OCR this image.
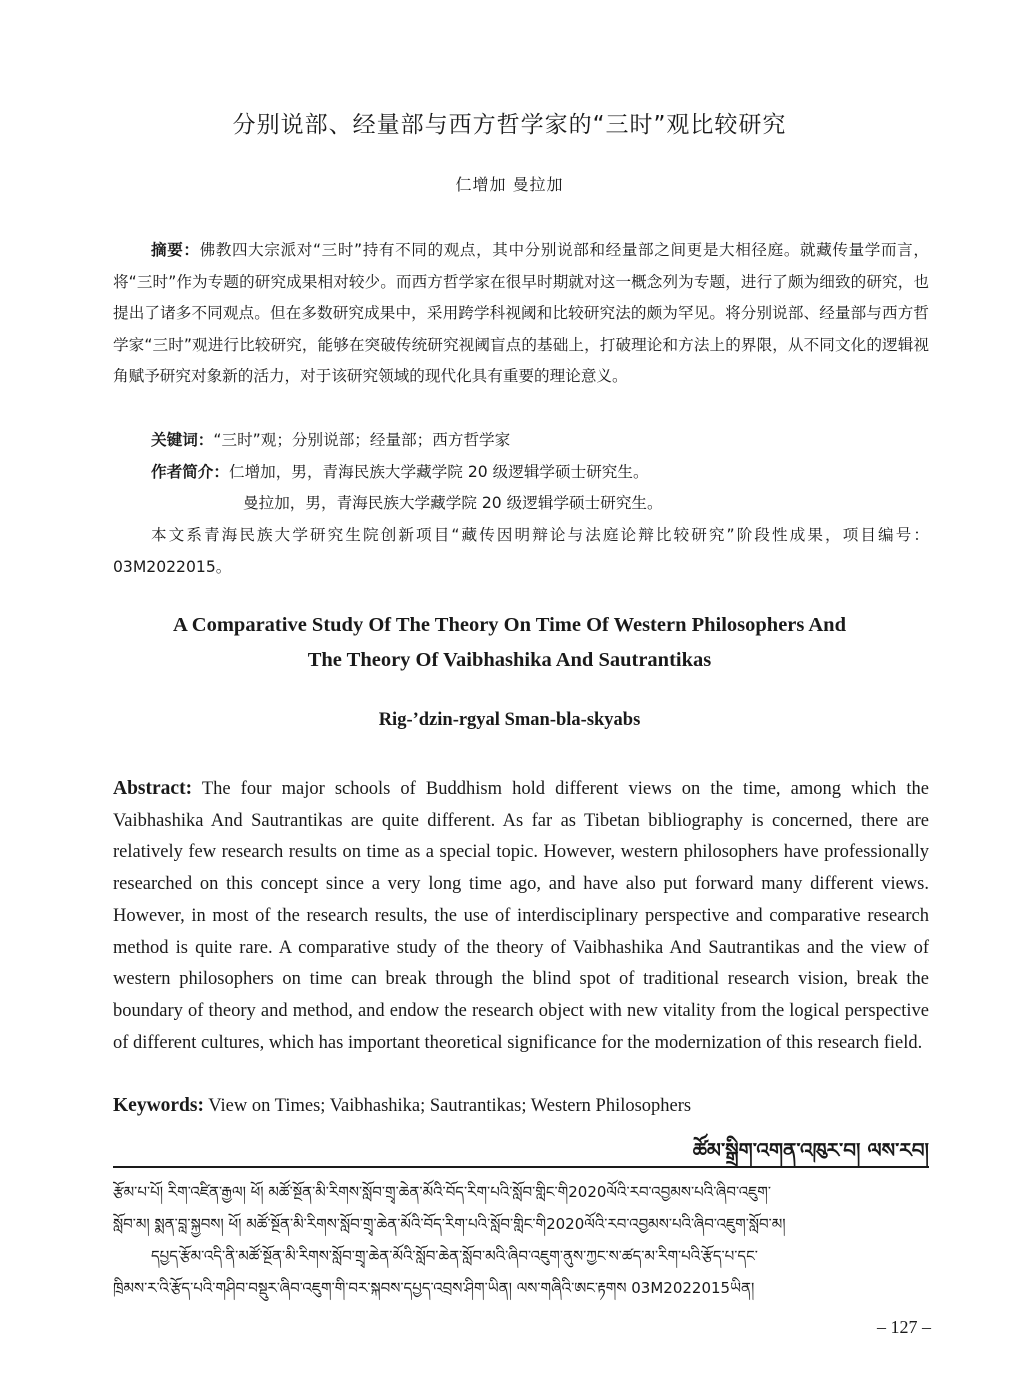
分别说部、经量部与西方哲学家的“三时”观比较研究
仁增加 曼拉加
摘要：佛教四大宗派对“三时”持有不同的观点，其中分别说部和经量部之间更是大相径庭。就藏传量学而言，将“三时”作为专题的研究成果相对较少。而西方哲学家在很早时期就对这一概念列为专题，进行了颇为细致的研究，也提出了诸多不同观点。但在多数研究成果中，采用跨学科视阈和比较研究法的颇为罕见。将分别说部、经量部与西方哲学家“三时”观进行比较研究，能够在突破传统研究视阈盲点的基础上，打破理论和方法上的界限，从不同文化的逻辑视角赋予研究对象新的活力，对于该研究领域的现代化具有重要的理论意义。
关键词：“三时”观；分别说部；经量部；西方哲学家
作者简介：仁增加，男，青海民族大学藏学院 20 级逻辑学硕士研究生。
曼拉加，男，青海民族大学藏学院 20 级逻辑学硕士研究生。
本文系青海民族大学研究生院创新项目“藏传因明辩论与法庭论辩比较研究”阶段性成果，项目编号：03M2022015。
A Comparative Study Of The Theory On Time Of Western Philosophers And
The Theory Of Vaibhashika And Sautrantikas
Rig-’dzin-rgyal Sman-bla-skyabs
Abstract: The four major schools of Buddhism hold different views on the time, among which the Vaibhashika And Sautrantikas are quite different. As far as Tibetan bibliography is concerned, there are relatively few research results on time as a special topic. However, western philosophers have professionally researched on this concept since a very long time ago, and have also put forward many different views. However, in most of the research results, the use of interdisciplinary perspective and comparative research method is quite rare. A comparative study of the theory of Vaibhashika And Sautrantikas and the view of western philosophers on time can break through the blind spot of traditional research vision, break the boundary of theory and method, and endow the research object with new vitality from the logical perspective of different cultures, which has important theoretical significance for the modernization of this research field.
Keywords: View on Times; Vaibhashika; Sautrantikas; Western Philosophers
ཚོམ་སྒྲིག་འགན་འཁུར་བ། ལས་རབ།
རྩོམ་པ་པོ། རིག་འཛིན་རྒྱལ། ཕོ། མཚོ་སྔོན་མི་རིགས་སློབ་གྲྭ་ཆེན་མོའི་བོད་རིག་པའི་སློབ་གླིང་གི2020ལོའི་རབ་འབྱམས་པའི་ཞིབ་འཇུག་
སློབ་མ། སྨན་བླ་སྐྱབས། ཕོ། མཚོ་སྔོན་མི་རིགས་སློབ་གྲྭ་ཆེན་མོའི་བོད་རིག་པའི་སློབ་གླིང་གི2020ལོའི་རབ་འབྱམས་པའི་ཞིབ་འཇུག་སློབ་མ།
དཔྱད་རྩོམ་འདི་ནི་མཚོ་སྔོན་མི་རིགས་སློབ་གྲྭ་ཆེན་མོའི་སློབ་ཆེན་སློབ་མའི་ཞིབ་འཇུག་ནུས་ཀྱང་ས་ཚད་མ་རིག་པའི་རྩོད་པ་དང་
ཁྲིམས་ར་འི་རྩོད་པའི་གཤིབ་བསྡུར་ཞིབ་འཇུག་གི་བར་སྐབས་དཔྱད་འབྲས་ཤིག་ཡིན། ལས་གཞིའི་ཨང་རྟགས 03M2022015ཡིན།
– 127 –
